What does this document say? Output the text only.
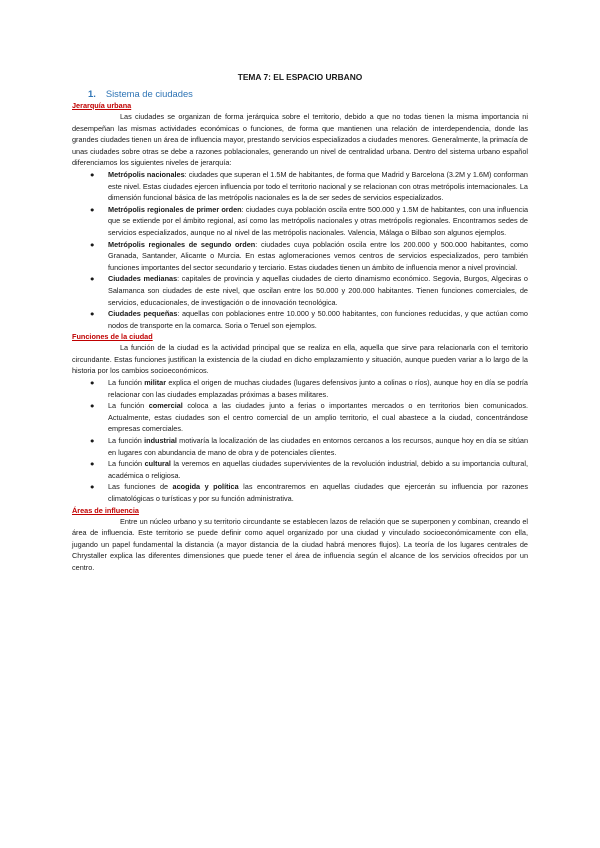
TEMA 7: EL ESPACIO URBANO
1. Sistema de ciudades
Jerarquía urbana

Las ciudades se organizan de forma jerárquica sobre el territorio, debido a que no todas tienen la misma importancia ni desempeñan las mismas actividades económicas o funciones, de forma que mantienen una relación de interdependencia, donde las grandes ciudades tienen un área de influencia mayor, prestando servicios especializados a ciudades menores. Generalmente, la primacía de unas ciudades sobre otras se debe a razones poblacionales, generando un nivel de centralidad urbana. Dentro del sistema urbano español diferenciamos los siguientes niveles de jerarquía:

● Metrópolis nacionales: ciudades que superan el 1.5M de habitantes, de forma que Madrid y Barcelona (3.2M y 1.6M) conforman este nivel. Estas ciudades ejercen influencia por todo el territorio nacional y se relacionan con otras metrópolis internacionales. La dimensión funcional básica de las metrópolis nacionales es la de ser sedes de servicios especializados.
● Metrópolis regionales de primer orden: ciudades cuya población oscila entre 500.000 y 1.5M de habitantes, con una influencia que se extiende por el ámbito regional, así como las metrópolis nacionales y otras metrópolis regionales. Encontramos sedes de servicios especializados, aunque no al nivel de las metrópolis nacionales. Valencia, Málaga o Bilbao son algunos ejemplos.
● Metrópolis regionales de segundo orden: ciudades cuya población oscila entre los 200.000 y 500.000 habitantes, como Granada, Santander, Alicante o Murcia. En estas aglomeraciones vemos centros de servicios especializados, pero también funciones importantes del sector secundario y terciario. Estas ciudades tienen un ámbito de influencia menor a nivel provincial.
● Ciudades medianas: capitales de provincia y aquellas ciudades de cierto dinamismo económico. Segovia, Burgos, Algeciras o Salamanca son ciudades de este nivel, que oscilan entre los 50.000 y 200.000 habitantes. Tienen funciones comerciales, de servicios, educacionales, de investigación o de innovación tecnológica.
● Ciudades pequeñas: aquellas con poblaciones entre 10.000 y 50.000 habitantes, con funciones reducidas, y que actúan como nodos de transporte en la comarca. Soria o Teruel son ejemplos.
Funciones de la ciudad

La función de la ciudad es la actividad principal que se realiza en ella, aquella que sirve para relacionarla con el territorio circundante. Estas funciones justifican la existencia de la ciudad en dicho emplazamiento y situación, aunque pueden variar a lo largo de la historia por los cambios socioeconómicos.

● La función militar explica el origen de muchas ciudades (lugares defensivos junto a colinas o ríos), aunque hoy en día se podría relacionar con las ciudades emplazadas próximas a bases militares.
● La función comercial coloca a las ciudades junto a ferias o importantes mercados o en territorios bien comunicados. Actualmente, estas ciudades son el centro comercial de un amplio territorio, el cual abastece a la ciudad, concentrándose empresas comerciales.
● La función industrial motivaría la localización de las ciudades en entornos cercanos a los recursos, aunque hoy en día se sitúan en lugares con abundancia de mano de obra y de potenciales clientes.
● La función cultural la veremos en aquellas ciudades supervivientes de la revolución industrial, debido a su importancia cultural, académica o religiosa.
● Las funciones de acogida y política las encontraremos en aquellas ciudades que ejercerán su influencia por razones climatológicas o turísticas y por su función administrativa.
Áreas de influencia

Entre un núcleo urbano y su territorio circundante se establecen lazos de relación que se superponen y combinan, creando el área de influencia. Este territorio se puede definir como aquel organizado por una ciudad y vinculado socioeconómicamente con ella, jugando un papel fundamental la distancia (a mayor distancia de la ciudad habrá menores flujos). La teoría de los lugares centrales de Chrystaller explica las diferentes dimensiones que puede tener el área de influencia según el alcance de los servicios ofrecidos por un centro.
